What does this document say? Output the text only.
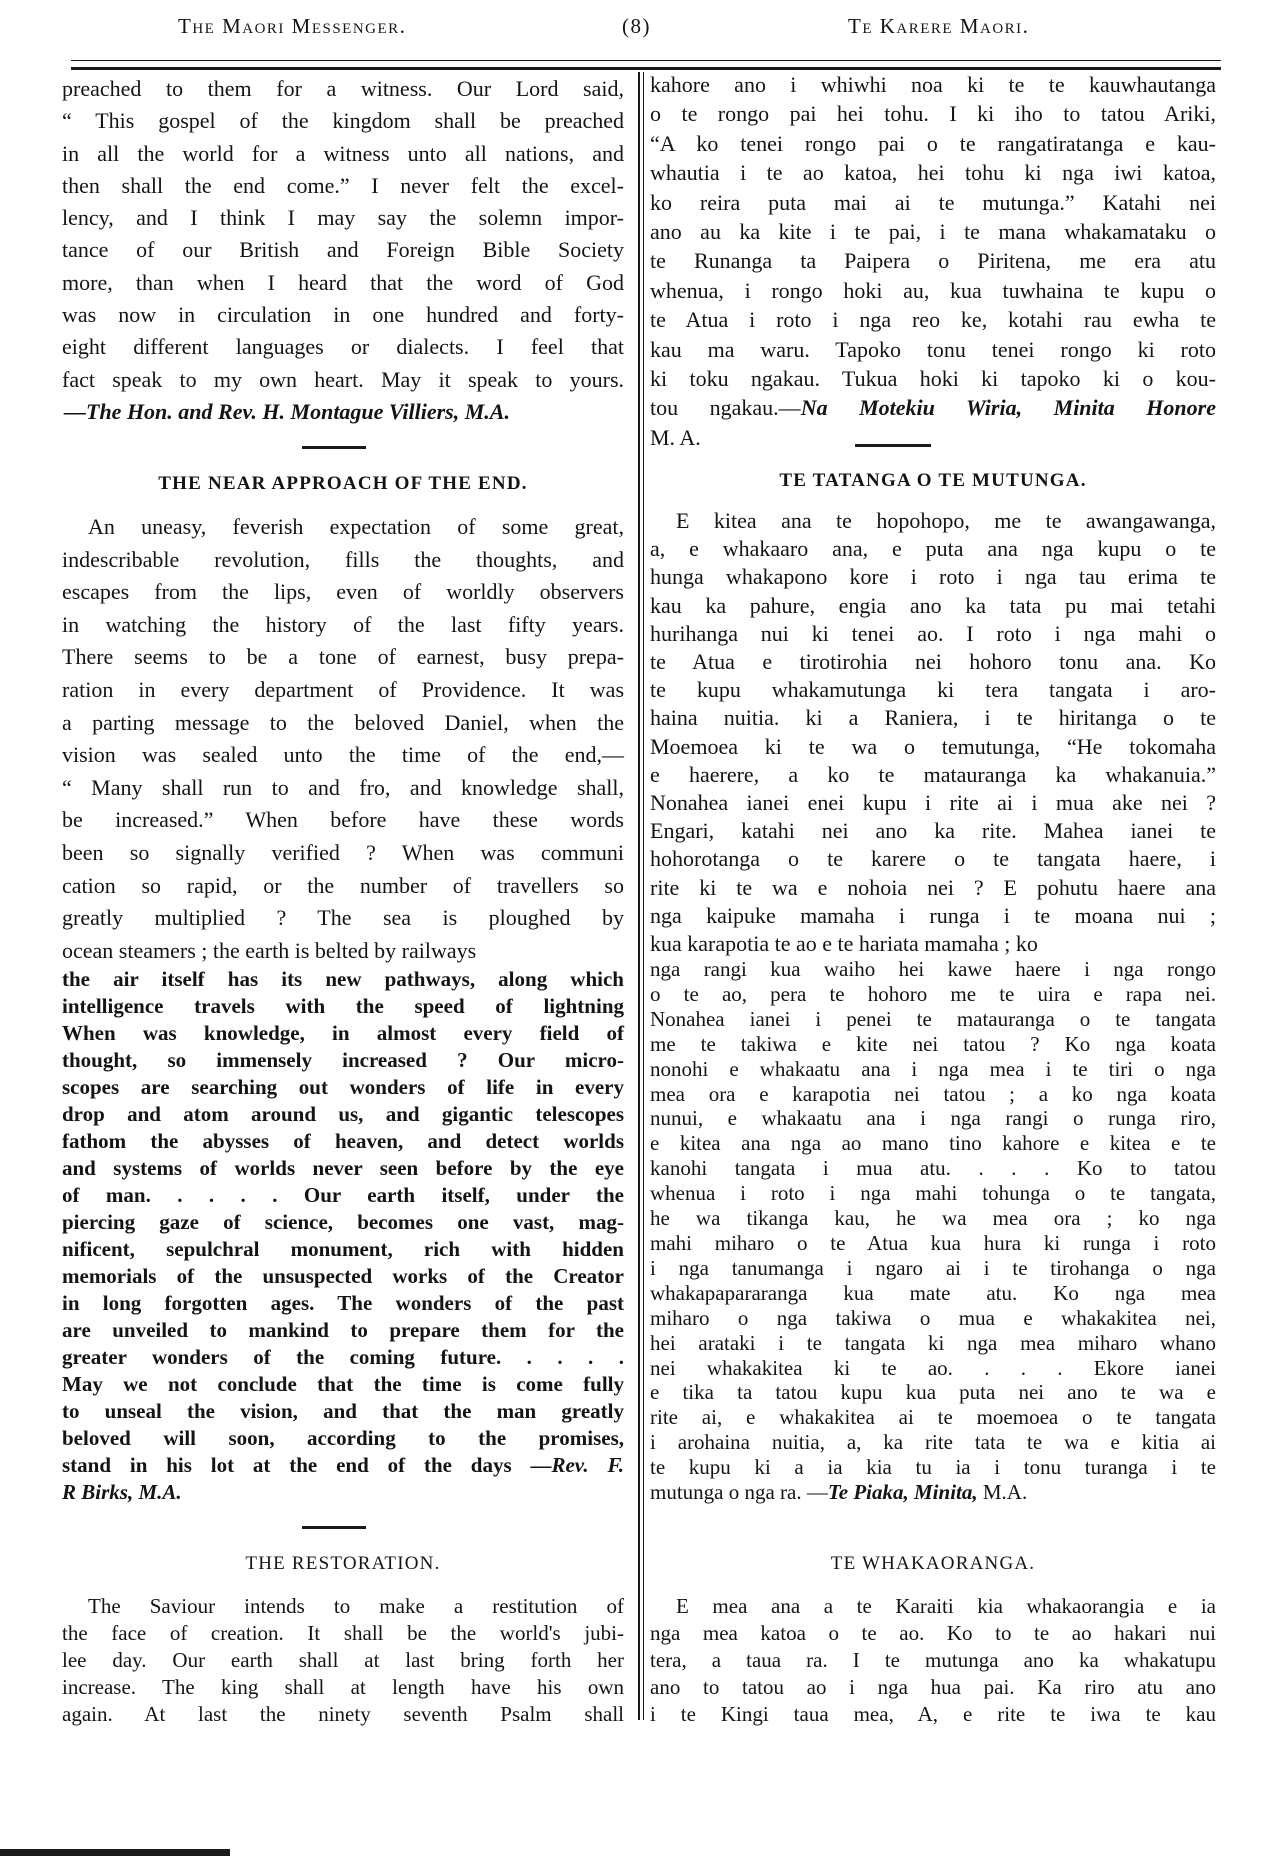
The Maori Messenger.	(8)	Te Karere Maori.
preached to them for a witness. Our Lord said,
“ This gospel of the kingdom shall be preached
in all the world for a witness unto all nations, and
then shall the end come.” I never felt the excel-
lency, and I think I may say the solemn impor-
tance of our British and Foreign Bible Society
more, than when I heard that the word of God
was now in circulation in one hundred and forty-
eight different languages or dialects. I feel that
fact speak to my own heart. May it speak to yours.
—The Hon. and Rev. H. Montague Villiers, M.A.
THE NEAR APPROACH OF THE END.
An uneasy, feverish expectation of some great,
indescribable revolution, fills the thoughts, and
escapes from the lips, even of worldly observers
in watching the history of the last fifty years.
There seems to be a tone of earnest, busy prepa-
ration in every department of Providence. It was
a parting message to the beloved Daniel, when the
vision was sealed unto the time of the end,—
“ Many shall run to and fro, and knowledge shall,
be increased.” When before have these words
been so signally verified ? When was communi
cation so rapid, or the number of travellers so
greatly multiplied ? The sea is ploughed by
ocean steamers ; the earth is belted by railways
the air itself has its new pathways, along which
intelligence travels with the speed of lightning
When was knowledge, in almost every field of
thought, so immensely increased ? Our micro-
scopes are searching out wonders of life in every
drop and atom around us, and gigantic telescopes
fathom the abysses of heaven, and detect worlds
and systems of worlds never seen before by the eye
of man. . . . . Our earth itself, under the
piercing gaze of science, becomes one vast, mag-
nificent, sepulchral monument, rich with hidden
memorials of the unsuspected works of the Creator
in long forgotten ages. The wonders of the past
are unveiled to mankind to prepare them for the
greater wonders of the coming future. . . . .
May we not conclude that the time is come fully
to unseal the vision, and that the man greatly
beloved will soon, according to the promises,
stand in his lot at the end of the days —Rev. F.
R Birks, M.A.
THE RESTORATION.
The Saviour intends to make a restitution of
the face of creation. It shall be the world's jubi-
lee day. Our earth shall at last bring forth her
increase. The king shall at length have his own
again. At last the ninety seventh Psalm shall
kahore ano i whiwhi noa ki te te kauwhautanga
o te rongo pai hei tohu. I ki iho to tatou Ariki,
“A ko tenei rongo pai o te rangatiratanga e kau-
whautia i te ao katoa, hei tohu ki nga iwi katoa,
ko reira puta mai ai te mutunga.” Katahi nei
ano au ka kite i te pai, i te mana whakamataku o
te Runanga ta Paipera o Piritena, me era atu
whenua, i rongo hoki au, kua tuwhaina te kupu o
te Atua i roto i nga reo ke, kotahi rau ewha te
kau ma waru. Tapoko tonu tenei rongo ki roto
ki toku ngakau. Tukua hoki ki tapoko ki o kou-
tou ngakau.—Na Motekiu Wiria, Minita Honore
M. A.
TE TATANGA O TE MUTUNGA.
E kitea ana te hopohopo, me te awangawanga,
a, e whakaaro ana, e puta ana nga kupu o te
hunga whakapono kore i roto i nga tau erima te
kau ka pahure, engia ano ka tata pu mai tetahi
hurihanga nui ki tenei ao. I roto i nga mahi o
te Atua e tirotirohia nei hohoro tonu ana. Ko
te kupu whakamutunga ki tera tangata i aro-
haina nuitia. ki a Raniera, i te hiritanga o te
Moemoea ki te wa o temutunga, “He tokomaha
e haerere, a ko te matauranga ka whakanuia.”
Nonahea ianei enei kupu i rite ai i mua ake nei ?
Engari, katahi nei ano ka rite. Mahea ianei te
hohorotanga o te karere o te tangata haere, i
rite ki te wa e nohoia nei ? E pohutu haere ana
nga kaipuke mamaha i runga i te moana nui ;
kua karapotia te ao e te hariata mamaha ; ko
nga rangi kua waiho hei kawe haere i nga rongo
o te ao, pera te hohoro me te uira e rapa nei.
Nonahea ianei i penei te matauranga o te tangata
me te takiwa e kite nei tatou ? Ko nga koata
nonohi e whakaatu ana i nga mea i te tiri o nga
mea ora e karapotia nei tatou ; a ko nga koata
nunui, e whakaatu ana i nga rangi o runga riro,
e kitea ana nga ao mano tino kahore e kitea e te
kanohi tangata i mua atu. . . . Ko to tatou
whenua i roto i nga mahi tohunga o te tangata,
he wa tikanga kau, he wa mea ora ; ko nga
mahi miharo o te Atua kua hura ki runga i roto
i nga tanumanga i ngaro ai i te tirohanga o nga
whakapapararanga kua mate atu. Ko nga mea
miharo o nga takiwa o mua e whakakitea nei,
hei arataki i te tangata ki nga mea miharo whano
nei whakakitea ki te ao. . . . Ekore ianei
e tika ta tatou kupu kua puta nei ano te wa e
rite ai, e whakakitea ai te moemoea o te tangata
i arohaina nuitia, a, ka rite tata te wa e kitia ai
te kupu ki a ia kia tu ia i tonu turanga i te
mutunga o nga ra. —Te Piaka, Minita, M.A.
TE WHAKAORANGA.
E mea ana a te Karaiti kia whakaorangia e ia
nga mea katoa o te ao. Ko to te ao hakari nui
tera, a taua ra. I te mutunga ano ka whakatupu
ano to tatou ao i nga hua pai. Ka riro atu ano
i te Kingi taua mea, A, e rite te iwa te kau
